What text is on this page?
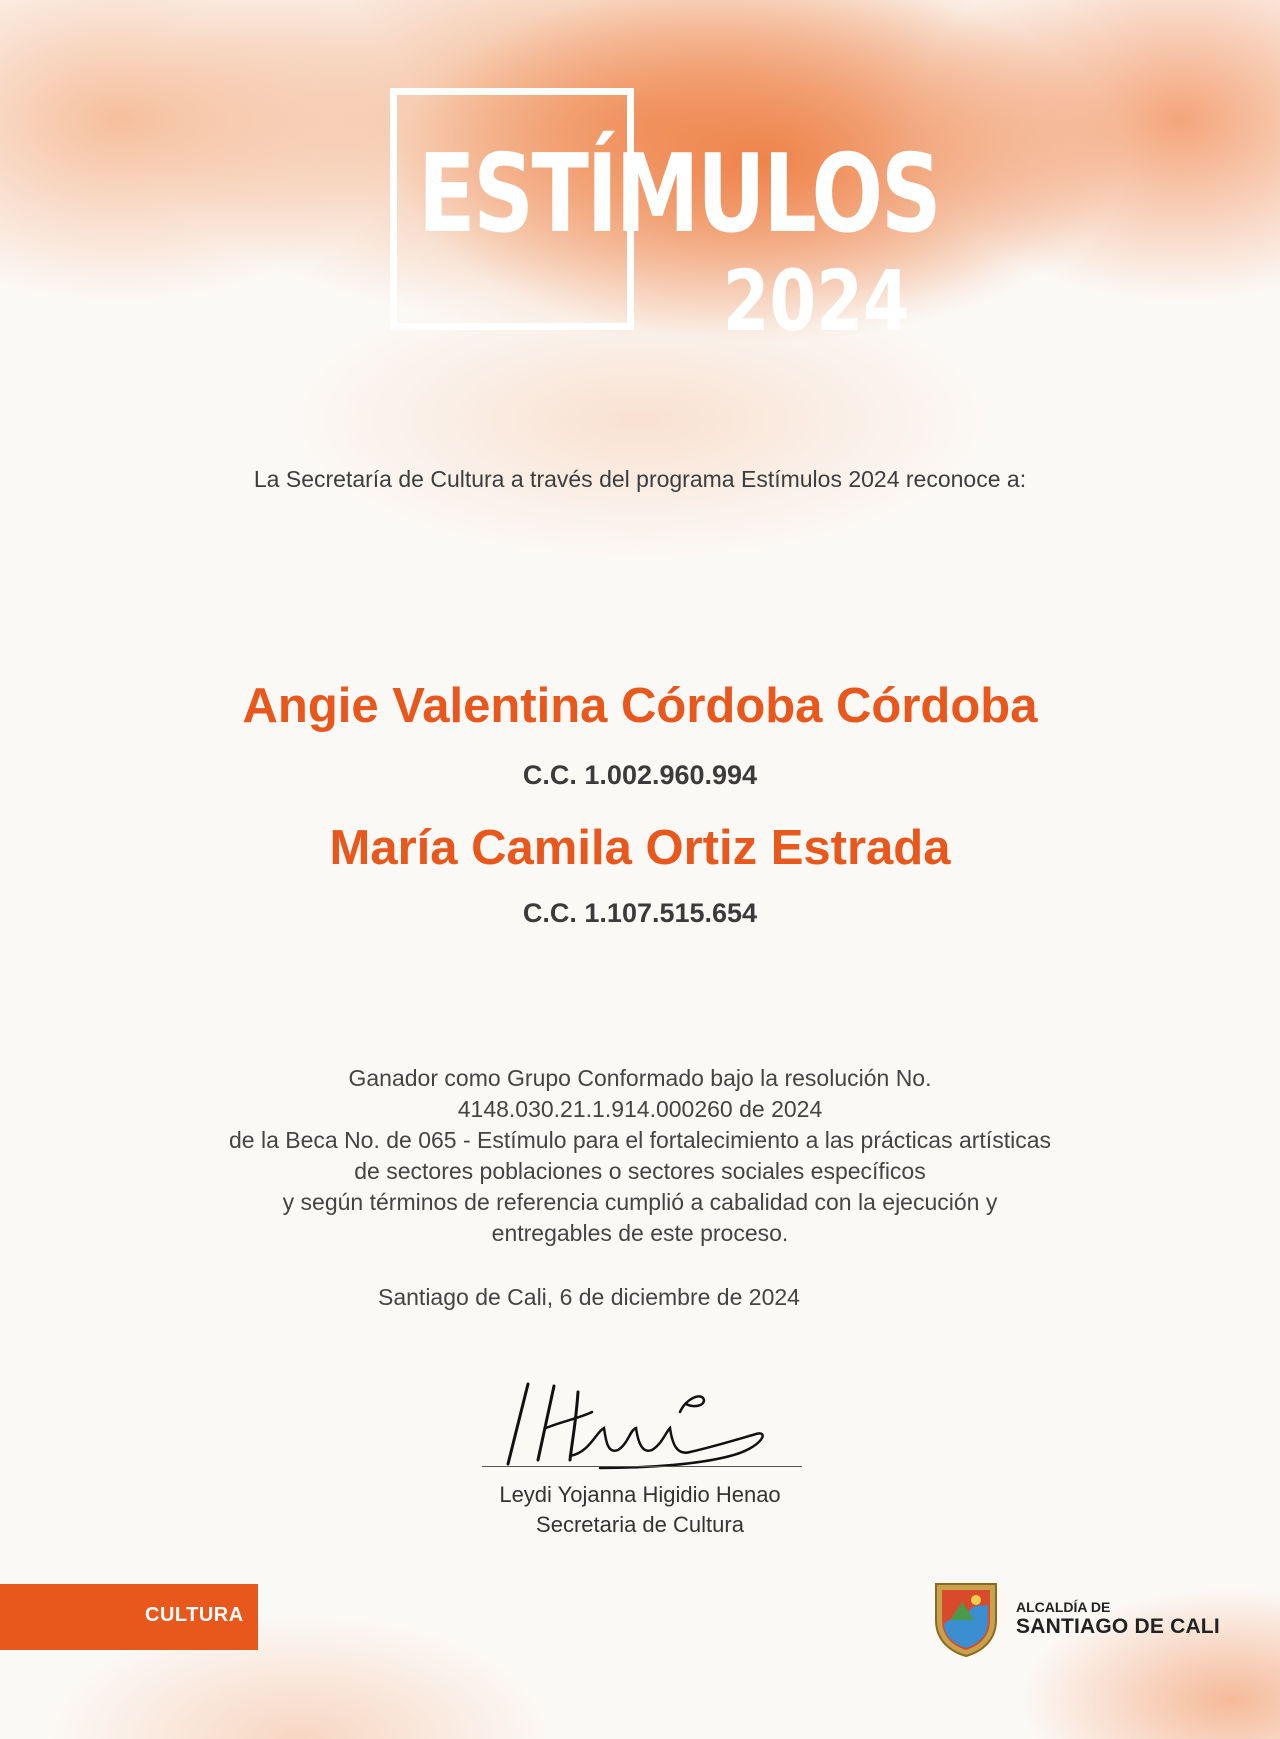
ESTÍMULOS
2024
La Secretaría de Cultura a través del programa Estímulos 2024 reconoce a:
Angie Valentina Córdoba Córdoba
C.C. 1.002.960.994
María Camila Ortiz Estrada
C.C. 1.107.515.654
Ganador como Grupo Conformado bajo la resolución No.
4148.030.21.1.914.000260 de 2024
de la Beca No. de 065 - Estímulo para el fortalecimiento a las prácticas artísticas
de sectores poblaciones o sectores sociales específicos
y según términos de referencia cumplió a cabalidad con la ejecución y
entregables de este proceso.
Santiago de Cali, 6 de diciembre de 2024
Leydi Yojanna Higidio Henao
Secretaria de Cultura
CULTURA	ALCALDÍA DE
SANTIAGO DE CALI
